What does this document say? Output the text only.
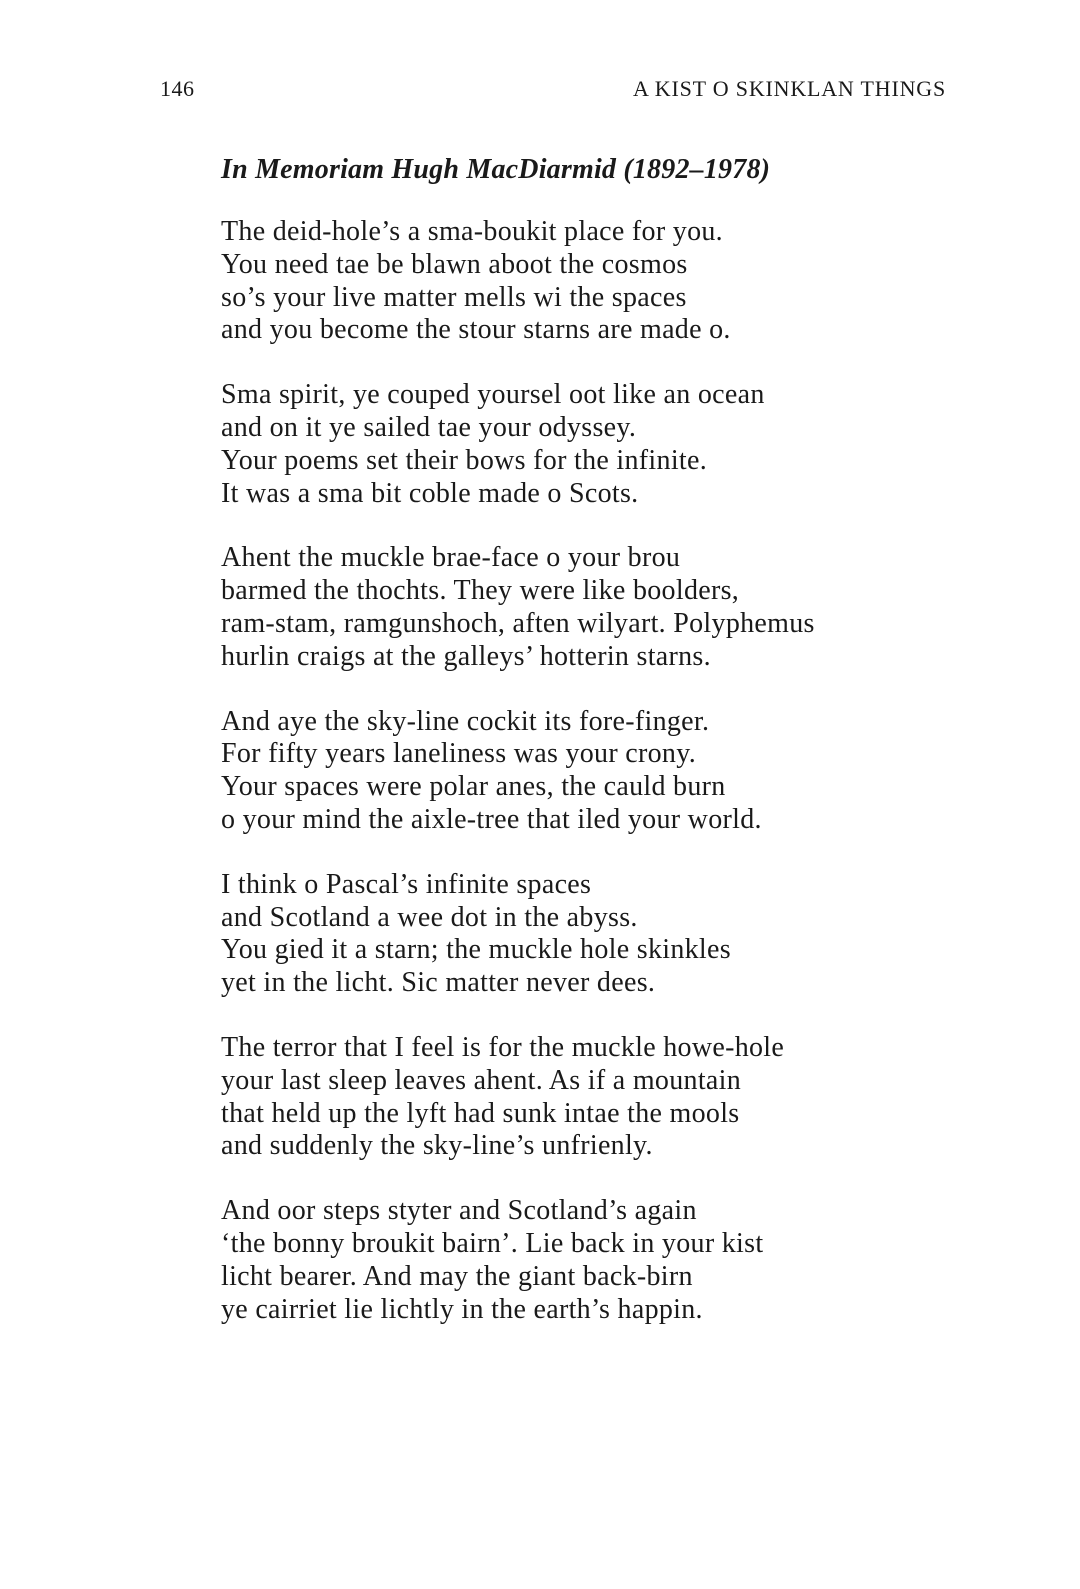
146	A KIST O SKINKLAN THINGS
In Memoriam Hugh MacDiarmid (1892–1978)
The deid-hole’s a sma-boukit place for you.
You need tae be blawn aboot the cosmos
so’s your live matter mells wi the spaces
and you become the stour starns are made o.
Sma spirit, ye couped yoursel oot like an ocean
and on it ye sailed tae your odyssey.
Your poems set their bows for the infinite.
It was a sma bit coble made o Scots.
Ahent the muckle brae-face o your brou
barmed the thochts. They were like boolders,
ram-stam, ramgunshoch, aften wilyart. Polyphemus
hurlin craigs at the galleys’ hotterin starns.
And aye the sky-line cockit its fore-finger.
For fifty years laneliness was your crony.
Your spaces were polar anes, the cauld burn
o your mind the aixle-tree that iled your world.
I think o Pascal’s infinite spaces
and Scotland a wee dot in the abyss.
You gied it a starn; the muckle hole skinkles
yet in the licht. Sic matter never dees.
The terror that I feel is for the muckle howe-hole
your last sleep leaves ahent. As if a mountain
that held up the lyft had sunk intae the mools
and suddenly the sky-line’s unfrienly.
And oor steps styter and Scotland’s again
‘the bonny broukit bairn’. Lie back in your kist
licht bearer. And may the giant back-birn
ye cairriet lie lichtly in the earth’s happin.
